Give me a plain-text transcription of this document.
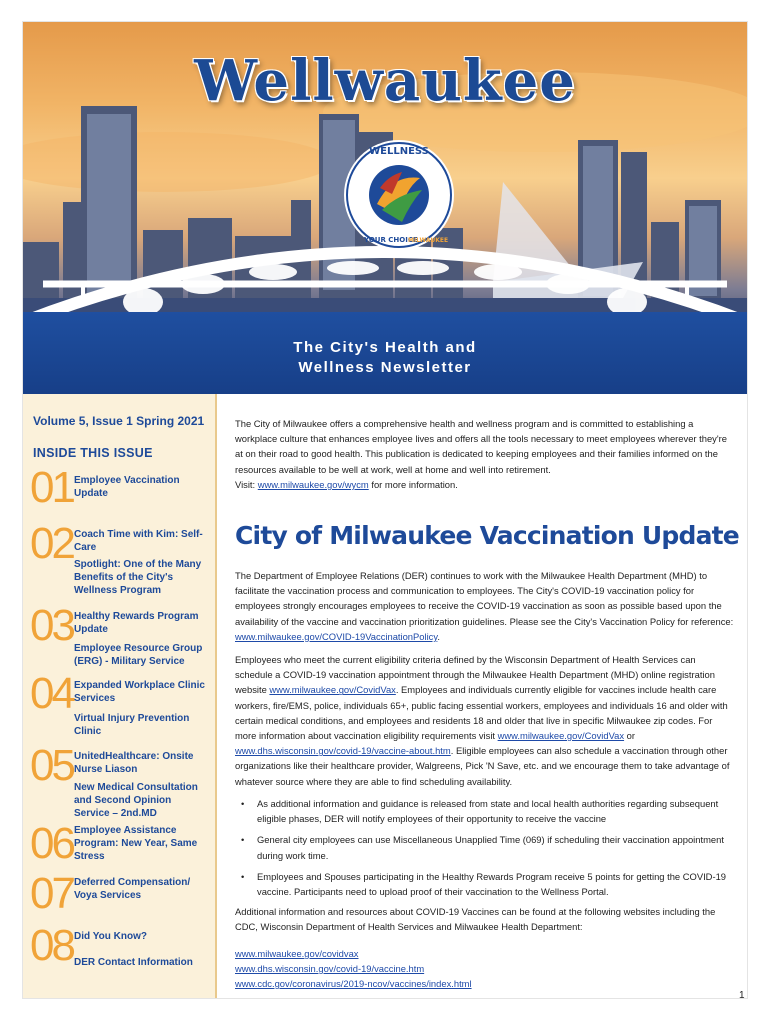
Wellwaukee
WELLNESS
YOUR CHOICE
MILWAUKEE
The City's Health and
Wellness Newsletter
Volume 5, Issue 1 Spring 2021
INSIDE THIS ISSUE
01 Employee Vaccination Update
02 Coach Time with Kim: Self-Care
Spotlight: One of the Many Benefits of the City's Wellness Program
03 Healthy Rewards Program Update
Employee Resource Group (ERG) - Military Service
04 Expanded Workplace Clinic Services
Virtual Injury Prevention Clinic
05 UnitedHealthcare: Onsite Nurse Liason
New Medical Consultation and Second Opinion Service – 2nd.MD
06 Employee Assistance Program: New Year, Same Stress
07 Deferred Compensation/ Voya Services
08 Did You Know?
DER Contact Information
The City of Milwaukee offers a comprehensive health and wellness program and is committed to establishing a workplace culture that enhances employee lives and offers all the tools necessary to meet employees wherever they're at on their road to good health. This publication is dedicated to keeping employees and their families informed on the resources available to be well at work, well at home and well into retirement.
Visit: www.milwaukee.gov/wycm for more information.
City of Milwaukee Vaccination Update
The Department of Employee Relations (DER) continues to work with the Milwaukee Health Department (MHD) to facilitate the vaccination process and communication to employees. The City's COVID-19 vaccination policy for employees strongly encourages employees to receive the COVID-19 vaccination as soon as possible based upon the availability of the vaccine and vaccination prioritization guidelines. Please see the City's Vaccination Policy for reference: www.milwaukee.gov/COVID-19VaccinationPolicy.
Employees who meet the current eligibility criteria defined by the Wisconsin Department of Health Services can schedule a COVID-19 vaccination appointment through the Milwaukee Health Department (MHD) online registration website www.milwaukee.gov/CovidVax. Employees and individuals currently eligible for vaccines include health care workers, fire/EMS, police, individuals 65+, public facing essential workers, employees and individuals 16 and older with certain medical conditions, and employees and residents 18 and older that live in specific Milwaukee zip codes. For more information about vaccination eligibility requirements visit www.milwaukee.gov/CovidVax or www.dhs.wisconsin.gov/covid-19/vaccine-about.htm. Eligible employees can also schedule a vaccination through other organizations like their healthcare provider, Walgreens, Pick 'N Save, etc. and we encourage them to take advantage of whatever source where they are able to find scheduling availability.
• As additional information and guidance is released from state and local health authorities regarding subsequent eligible phases, DER will notify employees of their opportunity to receive the vaccine
• General city employees can use Miscellaneous Unapplied Time (069) if scheduling their vaccination appointment during work time.
• Employees and Spouses participating in the Healthy Rewards Program receive 5 points for getting the COVID-19 vaccine. Participants need to upload proof of their vaccination to the Wellness Portal.
Additional information and resources about COVID-19 Vaccines can be found at the following websites including the CDC, Wisconsin Department of Health Services and Milwaukee Health Department:
www.milwaukee.gov/covidvax
www.dhs.wisconsin.gov/covid-19/vaccine.htm
www.cdc.gov/coronavirus/2019-ncov/vaccines/index.html
1
